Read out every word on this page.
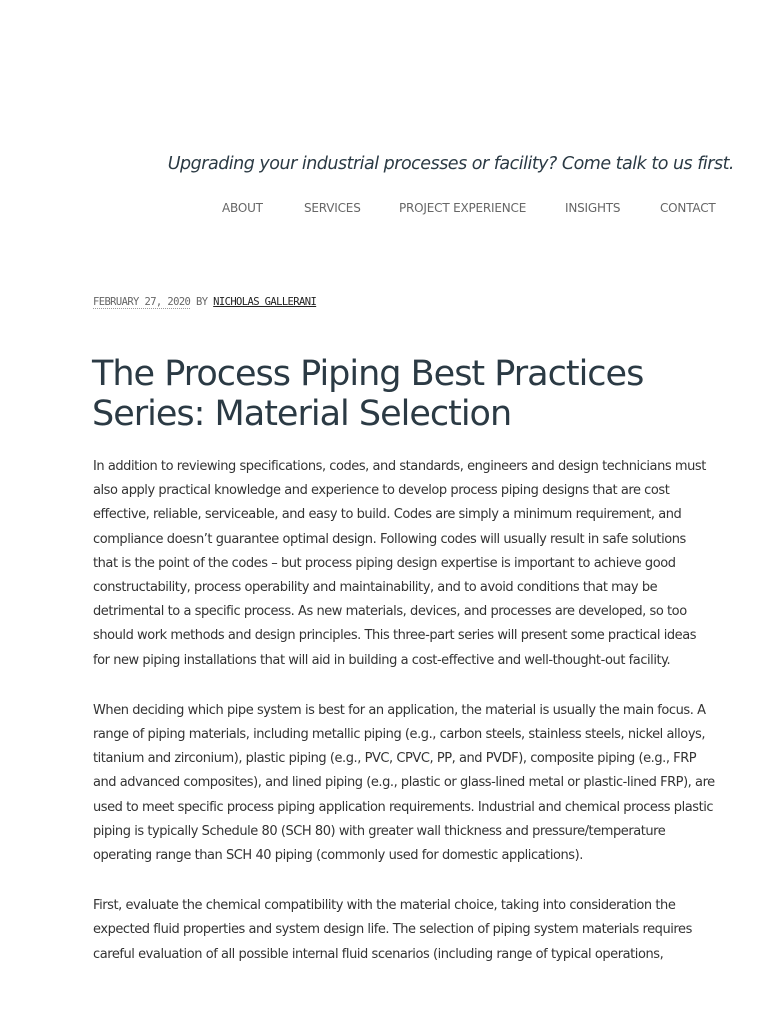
Upgrading your industrial processes or facility? Come talk to us first.
ABOUT	SERVICES	PROJECT EXPERIENCE	INSIGHTS	CONTACT
FEBRUARY 27, 2020 BY NICHOLAS GALLERANI
The Process Piping Best Practices Series: Material Selection

In addition to reviewing specifications, codes, and standards, engineers and design technicians must
also apply practical knowledge and experience to develop process piping designs that are cost
effective, reliable, serviceable, and easy to build. Codes are simply a minimum requirement, and
compliance doesn’t guarantee optimal design. Following codes will usually result in safe solutions
that is the point of the codes – but process piping design expertise is important to achieve good
constructability, process operability and maintainability, and to avoid conditions that may be
detrimental to a specific process. As new materials, devices, and processes are developed, so too
should work methods and design principles. This three-part series will present some practical ideas
for new piping installations that will aid in building a cost-effective and well-thought-out facility.

When deciding which pipe system is best for an application, the material is usually the main focus. A
range of piping materials, including metallic piping (e.g., carbon steels, stainless steels, nickel alloys,
titanium and zirconium), plastic piping (e.g., PVC, CPVC, PP, and PVDF), composite piping (e.g., FRP
and advanced composites), and lined piping (e.g., plastic or glass-lined metal or plastic-lined FRP), are
used to meet specific process piping application requirements. Industrial and chemical process plastic
piping is typically Schedule 80 (SCH 80) with greater wall thickness and pressure/temperature
operating range than SCH 40 piping (commonly used for domestic applications).

First, evaluate the chemical compatibility with the material choice, taking into consideration the
expected fluid properties and system design life. The selection of piping system materials requires
careful evaluation of all possible internal fluid scenarios (including range of typical operations,
